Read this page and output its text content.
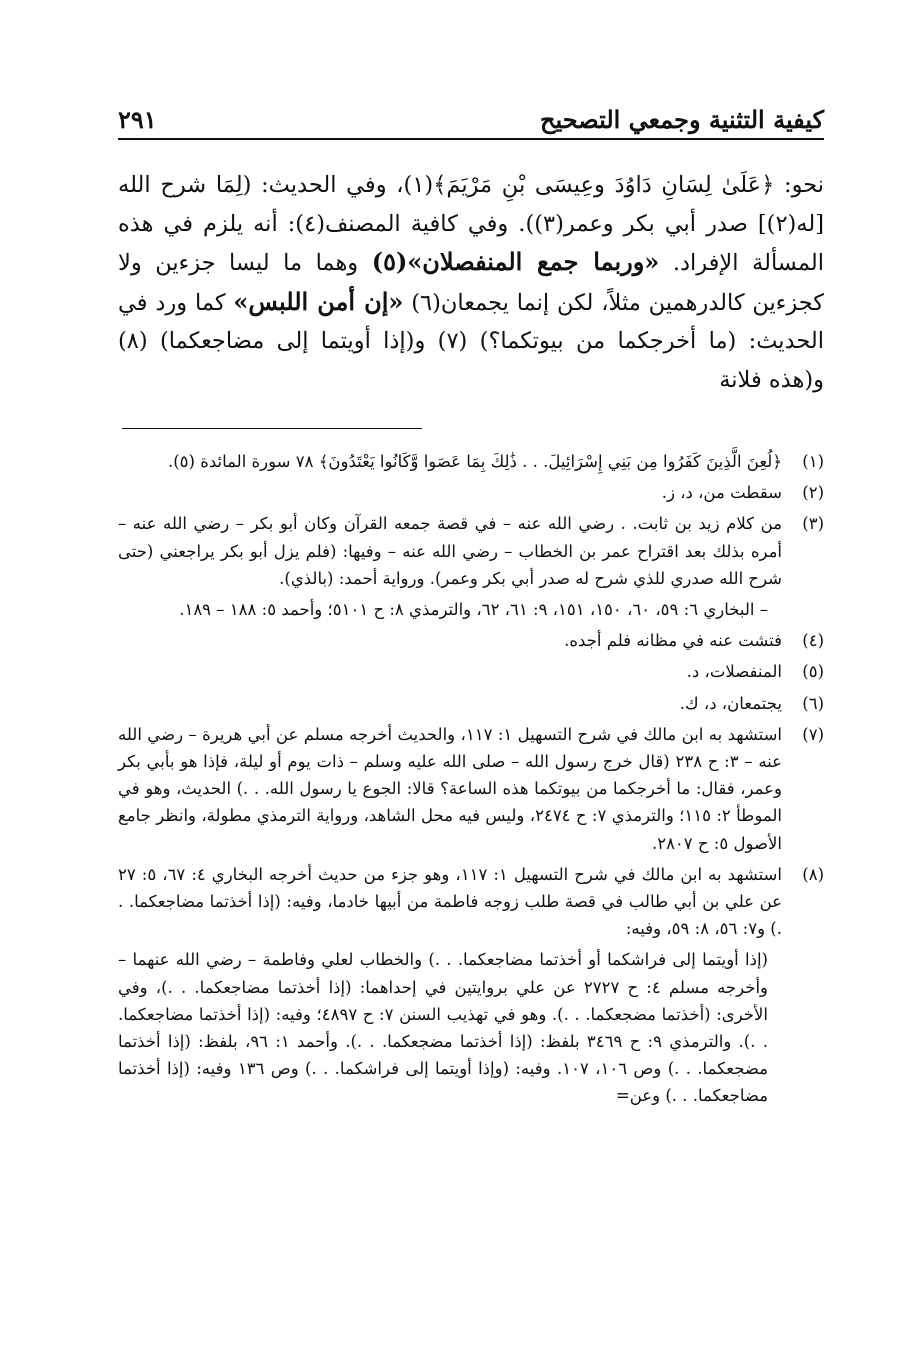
كيفية التثنية وجمعي التصحيح
٢٩١

نحو: ﴿عَلَىٰ لِسَانِ دَاوُدَ وعِيسَى بْنِ مَرْيَمَ﴾(١)، وفي الحديث: (لِمَا شرح الله [له(٢)] صدر أبي بكر وعمر(٣)). وفي كافية المصنف(٤): أنه يلزم في هذه المسألة الإفراد. «وربما جمع المنفصلان»(٥) وهما ما ليسا جزءين ولا كجزءين كالدرهمين مثلاً، لكن إنما يجمعان(٦) «إن أمن اللبس» كما ورد في الحديث: (ما أخرجكما من بيوتكما؟) (٧) و(إذا أويتما إلى مضاجعكما) (٨) و(هذه فلانة

(١)

﴿لُعِنَ الَّذِينَ كَفَرُوا مِن بَنِي إِسْرَائِيلَ. . . ذَٰلِكَ بِمَا عَصَوا وَّكَانُوا يَعْتَدُونَ﴾ ٧٨ سورة المائدة (٥).

(٢)

سقطت من، د، ز.

(٣)

من كلام زيد بن ثابت. . رضي الله عنه – في قصة جمعه القرآن وكان أبو بكر – رضي الله عنه – أمره بذلك بعد اقتراح عمر بن الخطاب – رضي الله عنه – وفيها: (فلم يزل أبو بكر يراجعني (حتى شرح الله صدري للذي شرح له صدر أبي بكر وعمر). ورواية أحمد: (بالذي).

– البخاري ٦: ٥٩، ٦٠، ١٥٠، ١٥١، ٩: ٦١، ٦٢، والترمذي ٨: ح ٥١٠١؛ وأحمد ٥: ١٨٨ – ١٨٩.

(٤)

فتشت عنه في مظانه فلم أجده.

(٥)

المنفصلات، د.

(٦)

يجتمعان، د، ك.

(٧)

استشهد به ابن مالك في شرح التسهيل ١: ١١٧، والحديث أخرجه مسلم عن أبي هريرة – رضي الله عنه – ٣: ح ٢٣٨ (قال خرج رسول الله – صلى الله عليه وسلم – ذات يوم أو ليلة، فإذا هو بأبي بكر وعمر، فقال: ما أخرجكما من بيوتكما هذه الساعة؟ قالا: الجوع يا رسول الله. . .) الحديث، وهو في الموطأ ٢: ١١٥؛ والترمذي ٧: ح ٢٤٧٤، وليس فيه محل الشاهد، ورواية الترمذي مطولة، وانظر جامع الأصول ٥: ح ٢٨٠٧.

(٨)

استشهد به ابن مالك في شرح التسهيل ١: ١١٧، وهو جزء من حديث أخرجه البخاري ٤: ٦٧، ٥: ٢٧ عن علي بن أبي طالب في قصة طلب زوجه فاطمة من أبيها خادما، وفيه: (إذا أخذتما مضاجعكما. . .) و٧: ٥٦، ٨: ٥٩، وفيه:

(إذا أويتما إلى فراشكما أو أخذتما مضاجعكما. . .) والخطاب لعلي وفاطمة – رضي الله عنهما – وأخرجه مسلم ٤: ح ٢٧٢٧ عن علي بروايتين في إحداهما: (إذا أخذتما مضاجعكما. . .)، وفي الأخرى: (أخذتما مضجعكما. . .). وهو في تهذيب السنن ٧: ح ٤٨٩٧؛ وفيه: (إذا أخذتما مضاجعكما. . .). والترمذي ٩: ح ٣٤٦٩ بلفظ: (إذا أخذتما مضجعكما. . .). وأحمد ١: ٩٦، بلفظ: (إذا أخذتما مضجعكما. . .) وص ١٠٦، ١٠٧. وفيه: (وإذا أويتما إلى فراشكما. . .) وص ١٣٦ وفيه: (إذا أخذتما مضاجعكما. . .) وعن=
